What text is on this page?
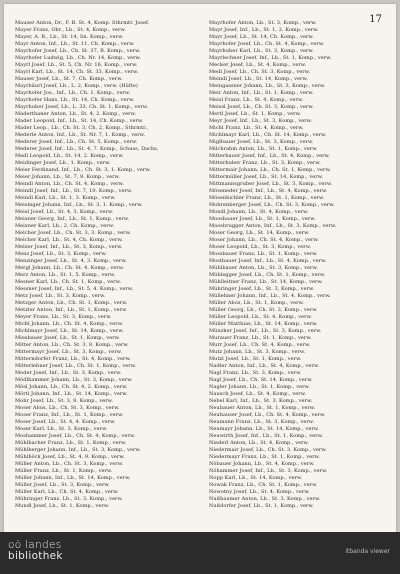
17
Mauser Anton, Dr., F. B. St. 4, Komp. Sthrmtr. Josef.
Mayer Franz, Obr., Lb., St. 4, Komp., verw.
Mayer, A. B., Lb., St. 14, Sn. Komp., verw.
Mayr Anton, Inf., Lb., St. 11, Ch. Komp., verw.
Mayrhofer Josef, Lb., Ch. St. 37, B. Komp., verw.
Mayrhofer Ludwig, Lb., Ch. Nr. 14, Komp., verw.
Mayrl Josef, Lb., St. 5, Ch. Nr. 16, Komp., verw.
Mayrl Karl, Lb., St. 14, Ch. St. 33, Komp., verw.
Mauser Josef, Lb., St. 7, Ch. Komp., verw.
Mayrbäurl Josef, Lb., L. 2, Komp., verw. (Hüfte)
Mayrhofer Jos., Inf., Lb., Ch. 1, Komp., verw.
Mayrhofer Hans, Lb., St. 14, Ch. Komp., verw.
Mayrhuber Josef, Lb., L. 33, Ch. St. 1, Komp., verw.
Maderthaner Anton, Lb., St. 4, 2. Komp., verw.
Mader Leopold, Inf., Lb., St. 14, Ch. Komp., verw.
Mader Leop., Lb., Ch. St. 3, Ch. 2, Komp., Sthrmtr.,
Mederle Anton, Inf., Lb., St. Nr. 7, 1. Komp., verw.
Mederer Josef, Inf., Lb., Ch. St. 5, Komp., verw.
Mederer Josef, Inf., Lb., St. 4, 7. Komp., Schuss, Dachs,
Medl Leopold, Lb., St. 14, 2. Komp., verw.
Meidinger Josef, Lb., 1. Komp., verw.
Meier Ferdinand, Inf., Lb., Ch. St. 3, 1. Komp., verw.
Meier Johann, Lb., St. 7, 9. Komp., verw.
Meindl Anton, Lb., Ch. St. 4, Komp., verw.
Meindl Josef, Inf., Lb., St. 7, 10. Komp., verw.
Meindl Karl, Lb., St. 1, 3. Komp., verw.
Meisinger Johann, Inf., Lb., St. 3, 1. Komp., verw.
Meisl Josef, Lb., St. 4, 3. Komp., verw.
Meixner Georg, Inf., Lb., St. 1, Komp., verw.
Meixner Karl, Lb., 2, Ch. Komp., verw.
Melcher Josef, Lb., Ch. St. 3, 3. Komp., verw.
Melcher Karl, Lb., St. 4, Ch. Komp., verw.
Melzer Josef, Inf., Lb., St. 3, Komp., verw.
Menz Josef, Lb., St. 3, Komp., verw.
Menzinger Josef, Lb., St. 4, 3. Komp., verw.
Mergl Johann, Lb., Ch. St. 4, Komp., verw.
Merz Anton, Lb., St. 1, 5. Komp., verw.
Mesner Karl, Lb., Ch. St. 1, Komp., verw.
Messner Josef, Inf., Lb., St. 5, 4. Komp., verw.
Metz Josef, Lb., St. 3, Komp., verw.
Metzger Anton, Lb., Ch. St. 1, Komp., verw.
Metzler Anton, Inf., Lb., St. 1, Komp., verw.
Meyer Franz, Lb., St. 3, Komp., verw.
Michl Johann, Lb., Ch. St. 4, Komp., verw.
Michlmayr Josef, Lb., St. 14, Komp., verw.
Miesbauer Josef, Lb., St. 1, Komp., verw.
Mitter Anton, Lb., Ch. St. 3, 8. Komp., verw.
Mittermayr Josef, Lb., St. 3, Komp., verw.
Mitterndorfer Franz, Lb., St. 4, Komp., verw.
Mitterlehner Josef, Lb., Ch. St. 1, Komp., verw.
Moder Josef, Inf., Lb., St. 3, Komp., verw.
Mödlhammer Johann, Lb., St. 3, Komp., verw.
Mösl Johann, Lb., Ch. St. 4, 2. Komp., verw.
Mörtl Johann, Inf., Lb., St. 14, Komp., verw.
Mohr Josef, Lb., St. 3, 8. Komp., verw.
Moser Alois, Lb., Ch. St. 3, Komp., verw.
Moser Franz, Inf., Lb., St. 1, Komp., verw.
Moser Josef, Lb., St. 4, 4. Komp., verw.
Moser Karl, Lb., St. 3, Komp., verw.
Moshammer Josef, Lb., Ch. St. 4, Komp., verw.
Mühlbacher Franz, Lb., St. 1, Komp., verw.
Mühlberger Johann, Inf., Lb., St. 3, Komp., verw.
Mühlböck Josef, Lb., St. 4, 9. Komp., verw.
Müller Anton, Lb., Ch. St. 3, Komp., verw.
Müller Franz, Lb., St. 1, Komp., verw.
Müller Johann, Inf., Lb., St. 14, Komp., verw.
Müller Josef, Lb., St. 3, Komp., verw.
Müller Karl, Lb., Ch. St. 4, Komp., verw.
Mühringer Franz, Lb., St. 3, Komp., verw.
Mundl Josef, Lb., St. 1, Komp., verw.
Mayrhofer Anton, Lb., St. 3, Komp., verw.
Mayr Josef, Inf., Lb., St. 1, 2. Komp., verw.
Mayr Josef, Lb., St. 14, Ch. Komp., verw.
Mayrhofer Josef, Lb., Ch. St. 4, Komp., verw.
Mayrhuber Karl, Lb., St. 3, Komp., verw.
Mayrlechner Josef, Inf., Lb., St. 1, Komp., verw.
Mecker Josef, Lb., St. 4, Komp., verw.
Medl Josef, Lb., Ch. St. 3, Komp., verw.
Meindl Josef, Lb., St. 14, Komp., verw.
Meingassner Johann, Lb., St. 3, Komp., verw.
Meir Anton, Inf., Lb., St. 1, Komp., verw.
Meisl Franz, Lb., St. 4, Komp., verw.
Meissl Josef, Lb., Ch. St. 3, Komp., verw.
Mertl Josef, Lb., St. 1, Komp., verw.
Meyr Josef, Inf., Lb., St. 3, Komp., verw.
Michl Franz, Lb., St. 4, Komp., verw.
Michlmayr Karl, Lb., Ch. St. 14, Komp., verw.
Miglbauer Josef, Lb., St. 3, Komp., verw.
Milchrahm Anton, Lb., St. 1, Komp., verw.
Mitterbauer Josef, Inf., Lb., St. 4, Komp., verw.
Mitterhuber Franz, Lb., St. 3, Komp., verw.
Mittermair Johann, Lb., Ch. St. 1, Komp., verw.
Mittermüller Josef, Lb., St. 14, Komp., verw.
Mittmannsgruber Josef, Lb., St. 3, Komp., verw.
Möseneder Josef, Inf., Lb., St. 4, Komp., verw.
Mösenbichler Franz, Lb., St. 1, Komp., verw.
Mohrenberger Josef, Lb., Ch. St. 3, Komp., verw.
Mondl Johann, Lb., St. 4, Komp., verw.
Moosbauer Josef, Lb., St. 1, Komp., verw.
Moosbrugger Anton, Inf., Lb., St. 3, Komp., verw.
Moser Georg, Lb., St. 14, Komp., verw.
Moser Johann, Lb., Ch. St. 4, Komp., verw.
Moser Leopold, Lb., St. 3, Komp., verw.
Mossbauer Franz, Lb., St. 1, Komp., verw.
Mostbauer Josef, Inf., Lb., St. 4, Komp., verw.
Mühlbauer Anton, Lb., St. 3, Komp., verw.
Mühlegger Josef, Lb., Ch. St. 1, Komp., verw.
Mühlleitner Franz, Lb., St. 14, Komp., verw.
Mühringer Josef, Lb., St. 3, Komp., verw.
Müllehner Johann, Inf., Lb., St. 4, Komp., verw.
Müller Alois, Lb., St. 1, Komp., verw.
Müller Georg, Lb., Ch. St. 3, Komp., verw.
Müller Leopold, Lb., St. 4, Komp., verw.
Müller Matthias, Lb., St. 14, Komp., verw.
Münzker Josef, Inf., Lb., St. 3, Komp., verw.
Murauer Franz, Lb., St. 1, Komp., verw.
Murr Josef, Lb., Ch. St. 4, Komp., verw.
Mutz Johann, Lb., St. 3, Komp., verw.
Mutzl Josef, Lb., St. 1, Komp., verw.
Nadler Anton, Inf., Lb., St. 4, Komp., verw.
Nagl Franz, Lb., St. 3, Komp., verw.
Nagl Josef, Lb., Ch. St. 14, Komp., verw.
Nagler Johann, Lb., St. 1, Komp., verw.
Nausch Josef, Lb., St. 4, Komp., verw.
Nebel Karl, Inf., Lb., St. 3, Komp., verw.
Neubauer Anton, Lb., St. 1, Komp., verw.
Neuhauser Josef, Lb., Ch. St. 4, Komp., verw.
Neumann Franz, Lb., St. 3, Komp., verw.
Neumayr Johann, Lb., St. 14, Komp., verw.
Neuwirth Josef, Inf., Lb., St. 1, Komp., verw.
Niederl Anton, Lb., St. 4, Komp., verw.
Niedermair Josef, Lb., Ch. St. 3, Komp., verw.
Niedermayr Franz, Lb., St. 1, Komp., verw.
Nöbauer Johann, Lb., St. 4, Komp., verw.
Nöhammer Josef, Inf., Lb., St. 3, Komp., verw.
Nopp Karl, Lb., St. 14, Komp., verw.
Nowak Franz, Lb., Ch. St. 1, Komp., verw.
Nowotny Josef, Lb., St. 4, Komp., verw.
Nußbaumer Anton, Lb., St. 3, Komp., verw.
Nußdorfer Josef, Lb., St. 1, Komp., verw.
oö landes
bibliothek	itbanda viewer
